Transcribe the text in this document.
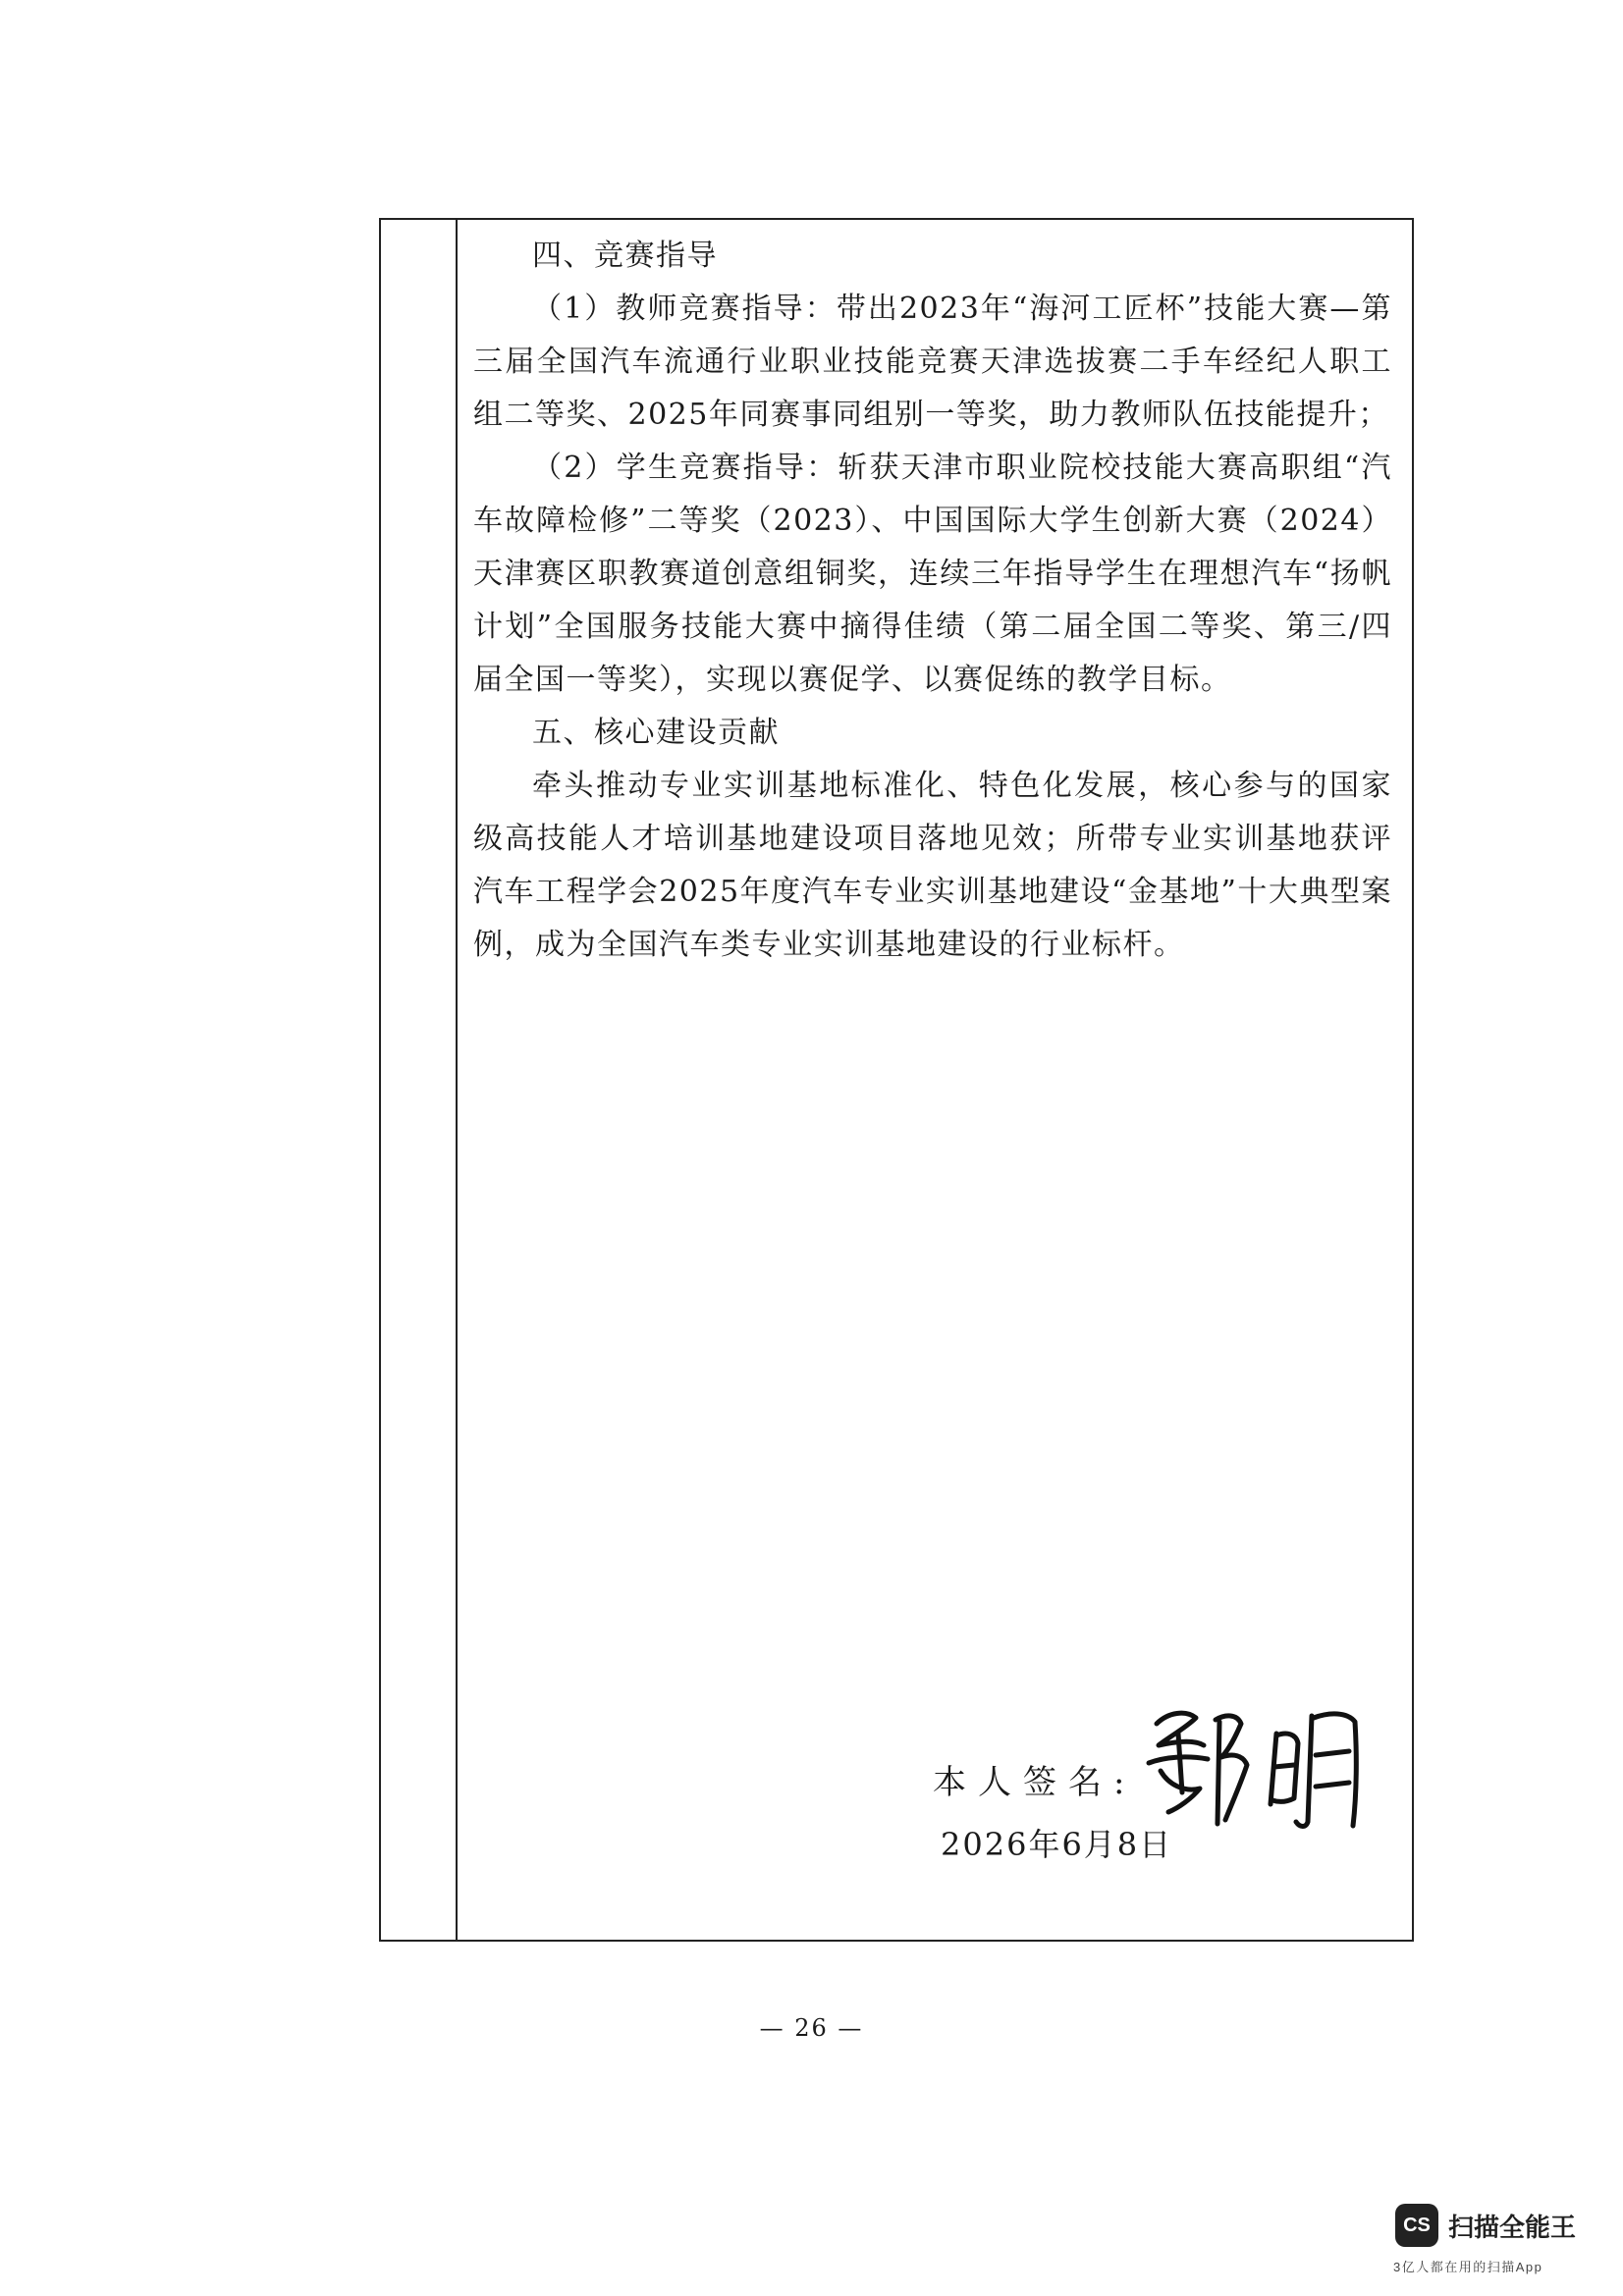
四、竞赛指导

（1）教师竞赛指导：带出2023年“海河工匠杯”技能大赛—第三届全国汽车流通行业职业技能竞赛天津选拔赛二手车经纪人职工组二等奖、2025年同赛事同组别一等奖，助力教师队伍技能提升；

（2）学生竞赛指导：斩获天津市职业院校技能大赛高职组“汽车故障检修”二等奖（2023）、中国国际大学生创新大赛（2024）天津赛区职教赛道创意组铜奖，连续三年指导学生在理想汽车“扬帆计划”全国服务技能大赛中摘得佳绩（第二届全国二等奖、第三/四届全国一等奖），实现以赛促学、以赛促练的教学目标。

五、核心建设贡献

牵头推动专业实训基地标准化、特色化发展，核心参与的国家级高技能人才培训基地建设项目落地见效；所带专业实训基地获评汽车工程学会2025年度汽车专业实训基地建设“金基地”十大典型案例，成为全国汽车类专业实训基地建设的行业标杆。

本人签名:
2026年6月8日
— 26 —
CS 扫描全能王
3亿人都在用的扫描App
